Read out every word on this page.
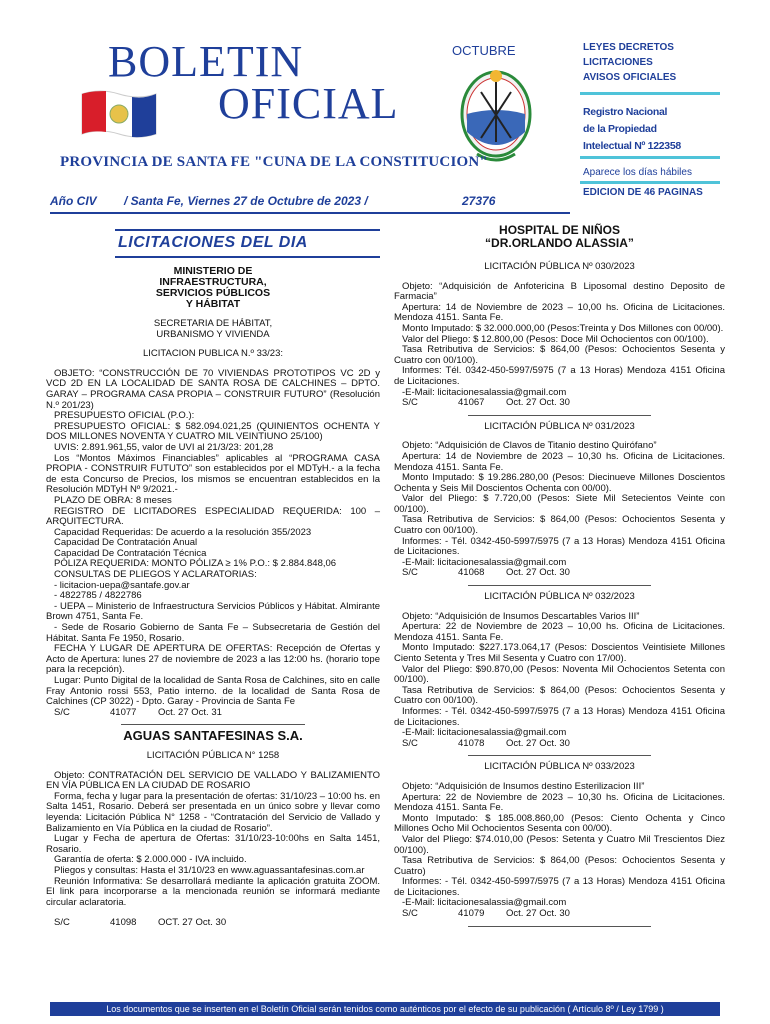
BOLETIN
OFICIAL
OCTUBRE	LEYES DECRETOS
LICITACIONES
AVISOS OFICIALES
Registro Nacional
de la Propiedad
Intelectual Nº 122358
Aparece los días hábiles
EDICION DE 46 PAGINAS
PROVINCIA DE SANTA FE "CUNA DE LA CONSTITUCION"
Año CIV / Santa Fe, Viernes 27 de Octubre de 2023 /	27376
LICITACIONES DEL DIA
MINISTERIO DE
INFRAESTRUCTURA,
SERVICIOS PÚBLICOS
Y HÁBITAT
SECRETARIA DE HÁBITAT,
URBANISMO Y VIVIENDA
LICITACION PUBLICA N.º 33/23:

OBJETO: “CONSTRUCCIÓN DE 70 VIVIENDAS PROTOTIPOS VC 2D y VCD 2D EN LA LOCALIDAD DE SANTA ROSA DE CALCHINES – DPTO. GARAY – PROGRAMA CASA PROPIA – CONSTRUIR FUTURO” (Resolución N.º 201/23)

PRESUPUESTO OFICIAL (P.O.):

PRESUPUESTO OFICIAL: $ 582.094.021,25 (QUINIENTOS OCHENTA Y DOS MILLONES NOVENTA Y CUATRO MIL VEINTIUNO 25/100)

UVIS: 2.891.961,55, valor de UVI al 21/3/23: 201,28

Los “Montos Máximos Financiables” aplicables al “PROGRAMA CASA PROPIA - CONSTRUIR FUTUTO” son establecidos por el MDTyH.- a la fecha de esta Concurso de Precios, los mismos se encuentran establecidos en la Resolución MDTyH Nº 9/2021.-

PLAZO DE OBRA: 8 meses

REGISTRO DE LICITADORES ESPECIALIDAD REQUERIDA: 100 – ARQUITECTURA.

Capacidad Requeridas: De acuerdo a la resolución 355/2023

Capacidad De Contratación Anual

Capacidad De Contratación Técnica

PÓLIZA REQUERIDA: MONTO PÓLIZA ≥ 1% P.O.: $ 2.884.848,06

CONSULTAS DE PLIEGOS Y ACLARATORIAS:

- licitacion-uepa@santafe.gov.ar

- 4822785 / 4822786

- UEPA – Ministerio de Infraestructura Servicios Públicos y Hábitat. Almirante Brown 4751, Santa Fe.

- Sede de Rosario Gobierno de Santa Fe – Subsecretaria de Gestión del Hábitat. Santa Fe 1950, Rosario.

FECHA Y LUGAR DE APERTURA DE OFERTAS: Recepción de Ofertas y Acto de Apertura: lunes 27 de noviembre de 2023 a las 12:00 hs. (horario tope para la recepción).

Lugar: Punto Digital de la localidad de Santa Rosa de Calchines, sito en calle Fray Antonio rossi 553, Patio interno. de la localidad de Santa Rosa de Calchines (CP 3022) - Dpto. Garay - Provincia de Santa Fe

S/C	41077	Oct. 27 Oct. 31
AGUAS SANTAFESINAS S.A.
LICITACIÓN PÚBLICA N° 1258

Objeto: CONTRATACIÓN DEL SERVICIO DE VALLADO Y BALIZAMIENTO EN VÍA PÚBLICA EN LA CIUDAD DE ROSARIO

Forma, fecha y lugar para la presentación de ofertas: 31/10/23 – 10:00 hs. en Salta 1451, Rosario. Deberá ser presentada en un único sobre y llevar como leyenda: Licitación Pública N° 1258 - “Contratación del Servicio de Vallado y Balizamiento en Vía Pública en la ciudad de Rosario”.

Lugar y Fecha de apertura de Ofertas: 31/10/23-10:00hs en Salta 1451, Rosario.

Garantía de oferta: $ 2.000.000 - IVA incluido.

Pliegos y consultas: Hasta el 31/10/23 en www.aguassantafesinas.com.ar

Reunión Informativa: Se desarrollará mediante la aplicación gratuita ZOOM. El link para incorporarse a la mencionada reunión se informará mediante circular aclaratoria.

S/C	41098	OCT. 27 Oct. 30
HOSPITAL DE NIÑOS
“DR.ORLANDO ALASSIA”
LICITACIÓN PÚBLICA Nº 030/2023

Objeto: “Adquisición de Anfotericina B Liposomal destino Deposito de Farmacia”

Apertura: 14 de Noviembre de 2023 – 10,00 hs. Oficina de Licitaciones. Mendoza 4151. Santa Fe.

Monto Imputado: $ 32.000.000,00 (Pesos:Treinta y Dos Millones con 00/00).

Valor del Pliego: $ 12.800,00 (Pesos: Doce Mil Ochocientos con 00/100).

Tasa Retributiva de Servicios: $ 864,00 (Pesos: Ochocientos Sesenta y Cuatro con 00/100).

Informes: Tél. 0342-450-5997/5975 (7 a 13 Horas) Mendoza 4151 Oficina de Licitaciones.

-E-Mail: licitacionesalassia@gmail.com

S/C	41067	Oct. 27 Oct. 30
LICITACIÓN PÚBLICA Nº 031/2023

Objeto: “Adquisición de Clavos de Titanio destino Quirófano”

Apertura: 14 de Noviembre de 2023 – 10,30 hs. Oficina de Licitaciones. Mendoza 4151. Santa Fe.

Monto Imputado: $ 19.286.280,00 (Pesos: Diecinueve Millones Doscientos Ochenta y Seis Mil Doscientos Ochenta con 00/00).

Valor del Pliego: $ 7.720,00 (Pesos: Siete Mil Setecientos Veinte con 00/100).

Tasa Retributiva de Servicios: $ 864,00 (Pesos: Ochocientos Sesenta y Cuatro con 00/100).

Informes: - Tél. 0342-450-5997/5975 (7 a 13 Horas) Mendoza 4151 Oficina de Licitaciones.

-E-Mail: licitacionesalassia@gmail.com

S/C	41068	Oct. 27 Oct. 30
LICITACIÓN PÚBLICA Nº 032/2023

Objeto: “Adquisición de Insumos Descartables Varios III”

Apertura: 22 de Noviembre de 2023 – 10,00 hs. Oficina de Licitaciones. Mendoza 4151. Santa Fe.

Monto Imputado: $227.173.064,17 (Pesos: Doscientos Veintisiete Millones Ciento Setenta y Tres Mil Sesenta y Cuatro con 17/00).

Valor del Pliego: $90.870,00 (Pesos: Noventa Mil Ochocientos Setenta con 00/100).

Tasa Retributiva de Servicios: $ 864,00 (Pesos: Ochocientos Sesenta y Cuatro con 00/100).

Informes: - Tél. 0342-450-5997/5975 (7 a 13 Horas) Mendoza 4151 Oficina de Licitaciones.

-E-Mail: licitacionesalassia@gmail.com

S/C	41078	Oct. 27 Oct. 30
LICITACIÓN PÚBLICA Nº 033/2023

Objeto: “Adquisición de Insumos destino Esterilizacion III”

Apertura: 22 de Noviembre de 2023 – 10,30 hs. Oficina de Licitaciones. Mendoza 4151. Santa Fe.

Monto Imputado: $ 185.008.860,00 (Pesos: Ciento Ochenta y Cinco Millones Ocho Mil Ochocientos Sesenta con 00/00).

Valor del Pliego: $74.010,00 (Pesos: Setenta y Cuatro Mil Trescientos Diez 00/100).

Tasa Retributiva de Servicios: $ 864,00 (Pesos: Ochocientos Sesenta y Cuatro)

Informes: - Tél. 0342-450-5997/5975 (7 a 13 Horas) Mendoza 4151 Oficina de Licitaciones.

-E-Mail: licitacionesalassia@gmail.com

S/C	41079	Oct. 27 Oct. 30
Los documentos que se inserten en el Boletín Oficial serán tenidos como auténticos por el efecto de su publicación ( Artículo 8º / Ley 1799 )
